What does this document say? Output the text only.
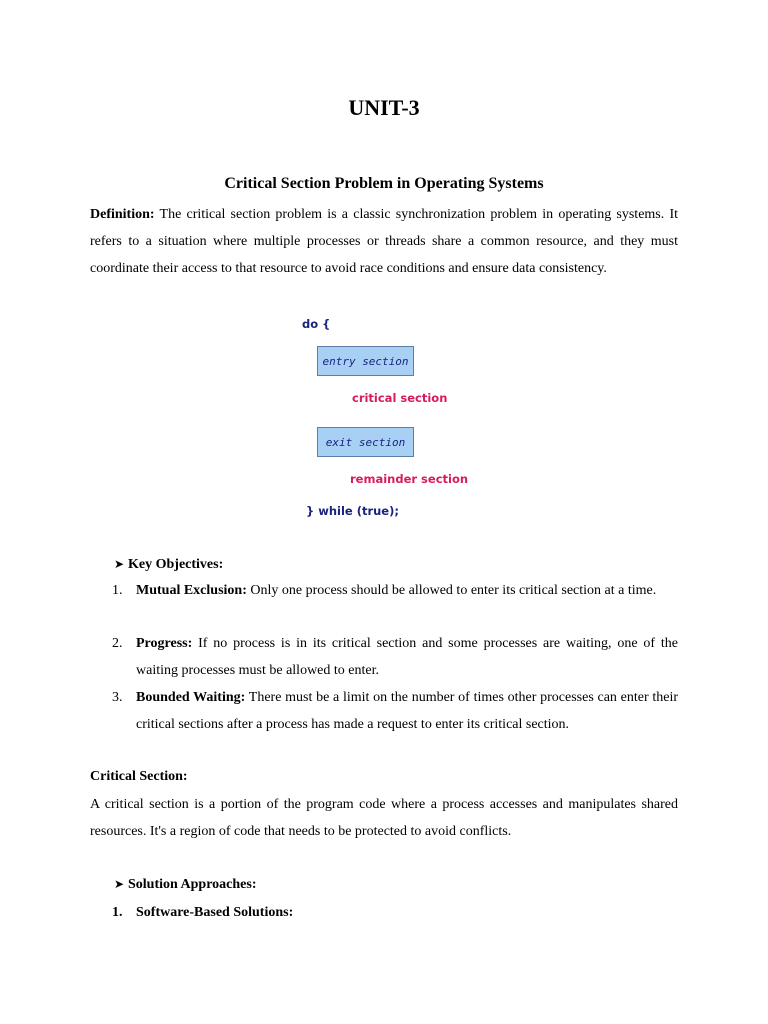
UNIT-3
Critical Section Problem in Operating Systems
Definition: The critical section problem is a classic synchronization problem in operating systems. It refers to a situation where multiple processes or threads share a common resource, and they must coordinate their access to that resource to avoid race conditions and ensure data consistency.
do {
entry section
critical section
exit section
remainder section
} while (true);
➤ Key Objectives:
1. Mutual Exclusion: Only one process should be allowed to enter its critical section at a time.
2. Progress: If no process is in its critical section and some processes are waiting, one of the waiting processes must be allowed to enter.
3. Bounded Waiting: There must be a limit on the number of times other processes can enter their critical sections after a process has made a request to enter its critical section.
Critical Section:
A critical section is a portion of the program code where a process accesses and manipulates shared resources. It's a region of code that needs to be protected to avoid conflicts.
➤ Solution Approaches:
1. Software-Based Solutions:
